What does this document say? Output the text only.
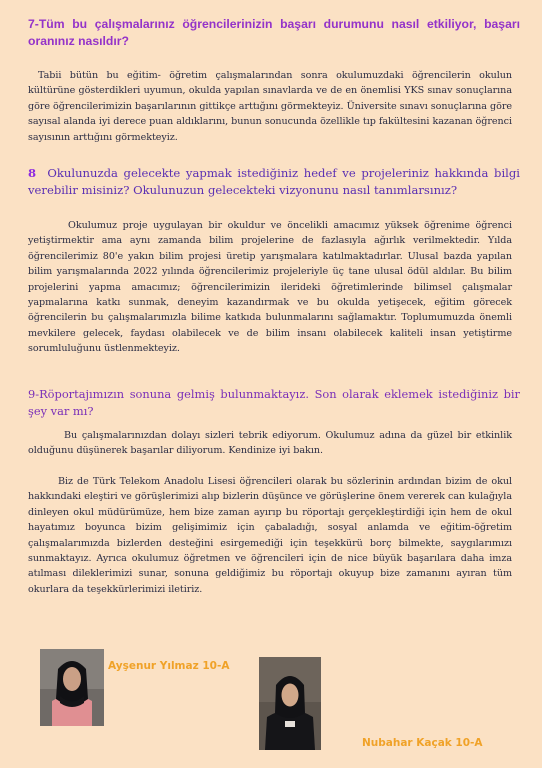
7-Tüm bu çalışmalarınız öğrencilerinizin başarı durumunu nasıl etkiliyor, başarı oranınız nasıldır?
Tabii bütün bu eğitim- öğretim çalışmalarından sonra okulumuzdaki öğrencilerin okulun kültürüne gösterdikleri uyumun, okulda yapılan sınavlarda ve de en önemlisi YKS sınav sonuçlarına göre öğrencilerimizin başarılarının gittikçe arttığını görmekteyiz. Üniversite sınavı sonuçlarına göre sayısal alanda iyi derece puan aldıklarını, bunun sonucunda özellikle tıp fakültesini kazanan öğrenci sayısının arttığını görmekteyiz.
8 Okulunuzda gelecekte yapmak istediğiniz hedef ve projeleriniz hakkında bilgi verebilir misiniz? Okulunuzun gelecekteki vizyonunu nasıl tanımlarsınız?
Okulumuz proje uygulayan bir okuldur ve öncelikli amacımız yüksek öğrenime öğrenci yetiştirmektir ama aynı zamanda bilim projelerine de fazlasıyla ağırlık verilmektedir. Yılda öğrencilerimiz 80'e yakın bilim projesi üretip yarışmalara katılmaktadırlar. Ulusal bazda yapılan bilim yarışmalarında 2022 yılında öğrencilerimiz projeleriyle üç tane ulusal ödül aldılar. Bu bilim projelerini yapma amacımız; öğrencilerimizin ilerideki öğretimlerinde bilimsel çalışmalar yapmalarına katkı sunmak, deneyim kazandırmak ve bu okulda yetişecek, eğitim görecek öğrencilerin bu çalışmalarımızla bilime katkıda bulunmalarını sağlamaktır. Toplumumuzda önemli mevkilere gelecek, faydası olabilecek ve de bilim insanı olabilecek kaliteli insan yetiştirme sorumluluğunu üstlenmekteyiz.
9-Röportajımızın sonuna gelmiş bulunmaktayız. Son olarak eklemek istediğiniz bir şey var mı?
Bu çalışmalarınızdan dolayı sizleri tebrik ediyorum. Okulumuz adına da güzel bir etkinlik olduğunu düşünerek başarılar diliyorum. Kendinize iyi bakın.
Biz de Türk Telekom Anadolu Lisesi öğrencileri olarak bu sözlerinin ardından bizim de okul hakkındaki eleştiri ve görüşlerimizi alıp bizlerin düşünce ve görüşlerine önem vererek can kulağıyla dinleyen okul müdürümüze, hem bize zaman ayırıp bu röportajı gerçekleştirdiği için hem de okul hayatımız boyunca bizim gelişimimiz için çabaladığı, sosyal anlamda ve eğitim-öğretim çalışmalarımızda bizlerden desteğini esirgemediği için teşekkürü borç bilmekte, saygılarımızı sunmaktayız. Ayrıca okulumuz öğretmen ve öğrencileri için de nice büyük başarılara daha imza atılması dileklerimizi sunar, sonuna geldiğimiz bu röportajı okuyup bize zamanını ayıran tüm okurlara da teşekkürlerimizi iletiriz.
Ayşenur Yılmaz 10-A
Nubahar Kaçak 10-A
